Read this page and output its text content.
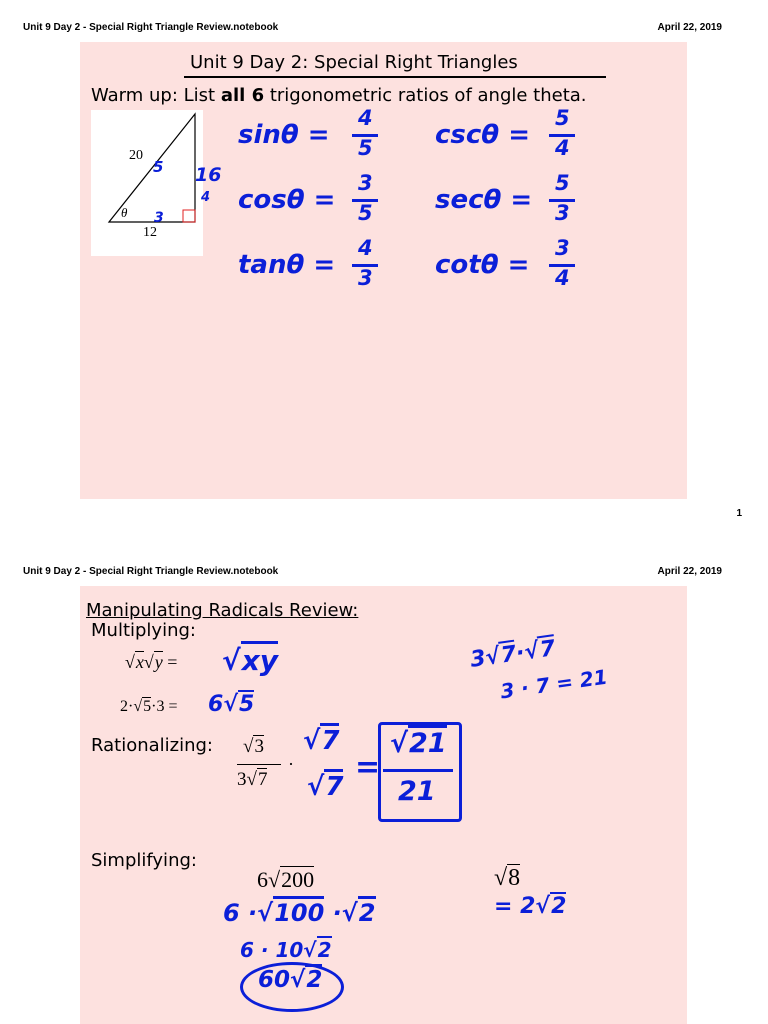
Unit 9 Day 2 - Special Right Triangle Review.notebook	April 22, 2019
Unit 9 Day 2: Special Right Triangles
Warm up: List all 6 trigonometric ratios of angle theta.
20
12
θ
5 16
4
3
sinθ =
4
5
cosθ =
3
5
tanθ =
4
3
cscθ =
5
4
secθ =
5
3
cotθ =
3
4
1
Unit 9 Day 2 - Special Right Triangle Review.notebook	April 22, 2019
Manipulating Radicals Review:
Multiplying:
√x√y = √xy
2·√5·3 = 6√5
3√7·√7
3 · 7 = 21
Rationalizing: √3
3√7
·
√7
√7
=
√21
21
Simplifying:
6√200
6 ·√100 ·√2
6 · 10√2
60√2
√8
= 2√2
